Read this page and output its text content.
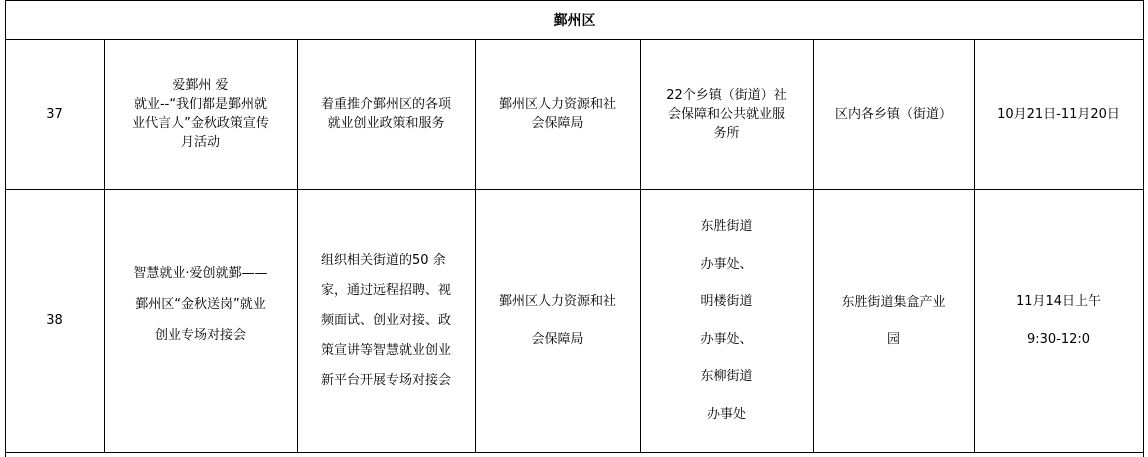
鄞州区
37
爱鄞州 爱
就业--“我们都是鄞州就
业代言人”金秋政策宣传
月活动
着重推介鄞州区的各项
就业创业政策和服务
鄞州区人力资源和社
会保障局
22个乡镇（街道）社
会保障和公共就业服
务所
区内各乡镇（街道）	10月21日-11月20日
38
智慧就业·爱创就鄞——
鄞州区“金秋送岗”就业
创业专场对接会
组织相关街道的50 余
家，通过远程招聘、视
频面试、创业对接、政
策宣讲等智慧就业创业
新平台开展专场对接会
鄞州区人力资源和社
会保障局
东胜街道
办事处、
明楼街道
办事处、
东柳街道
办事处
东胜街道集盒产业
园
11月14日上午
9:30-12:0
